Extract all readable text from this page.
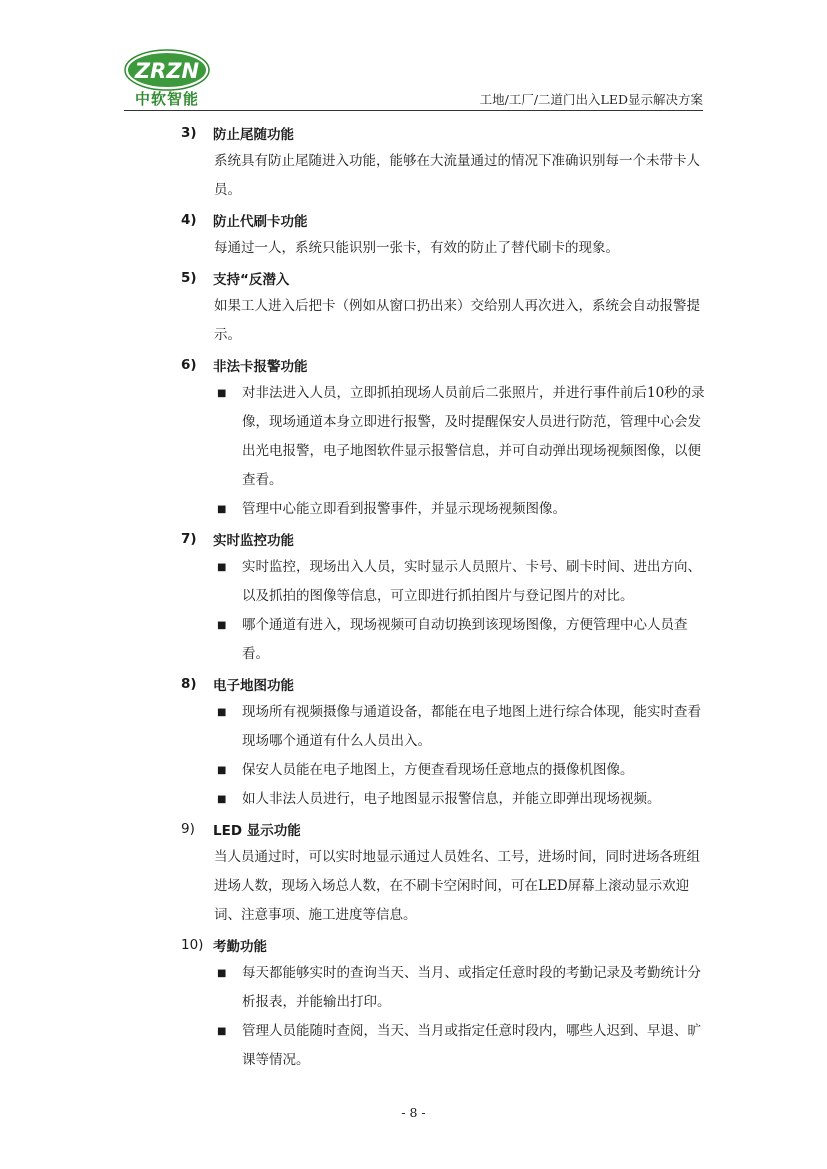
ZRZN
中软智能	工地/工厂/二道门出入LED显示解决方案
3)	防止尾随功能
系统具有防止尾随进入功能，能够在大流量通过的情况下准确识别每一个未带卡人员。
4)	防止代刷卡功能
每通过一人，系统只能识别一张卡，有效的防止了替代刷卡的现象。
5)	支持“反潜入
如果工人进入后把卡（例如从窗口扔出来）交给别人再次进入，系统会自动报警提示。
6)	非法卡报警功能
■	对非法进入人员，立即抓拍现场人员前后二张照片，并进行事件前后10秒的录像，现场通道本身立即进行报警，及时提醒保安人员进行防范，管理中心会发出光电报警，电子地图软件显示报警信息，并可自动弹出现场视频图像，以便查看。
■	管理中心能立即看到报警事件，并显示现场视频图像。
7)	实时监控功能
■	实时监控，现场出入人员，实时显示人员照片、卡号、刷卡时间、进出方向、以及抓拍的图像等信息，可立即进行抓拍图片与登记图片的对比。
■	哪个通道有进入，现场视频可自动切换到该现场图像，方便管理中心人员查看。
8)	电子地图功能
■	现场所有视频摄像与通道设备，都能在电子地图上进行综合体现，能实时查看现场哪个通道有什么人员出入。
■	保安人员能在电子地图上，方便查看现场任意地点的摄像机图像。
■	如人非法人员进行，电子地图显示报警信息，并能立即弹出现场视频。
9)	LED 显示功能
当人员通过时，可以实时地显示通过人员姓名、工号，进场时间，同时进场各班组进场人数，现场入场总人数，在不刷卡空闲时间，可在LED屏幕上滚动显示欢迎词、注意事项、施工进度等信息。
10) 考勤功能
■	每天都能够实时的查询当天、当月、或指定任意时段的考勤记录及考勤统计分析报表，并能输出打印。
■	管理人员能随时查阅，当天、当月或指定任意时段内，哪些人迟到、早退、旷课等情况。
- 8 -
